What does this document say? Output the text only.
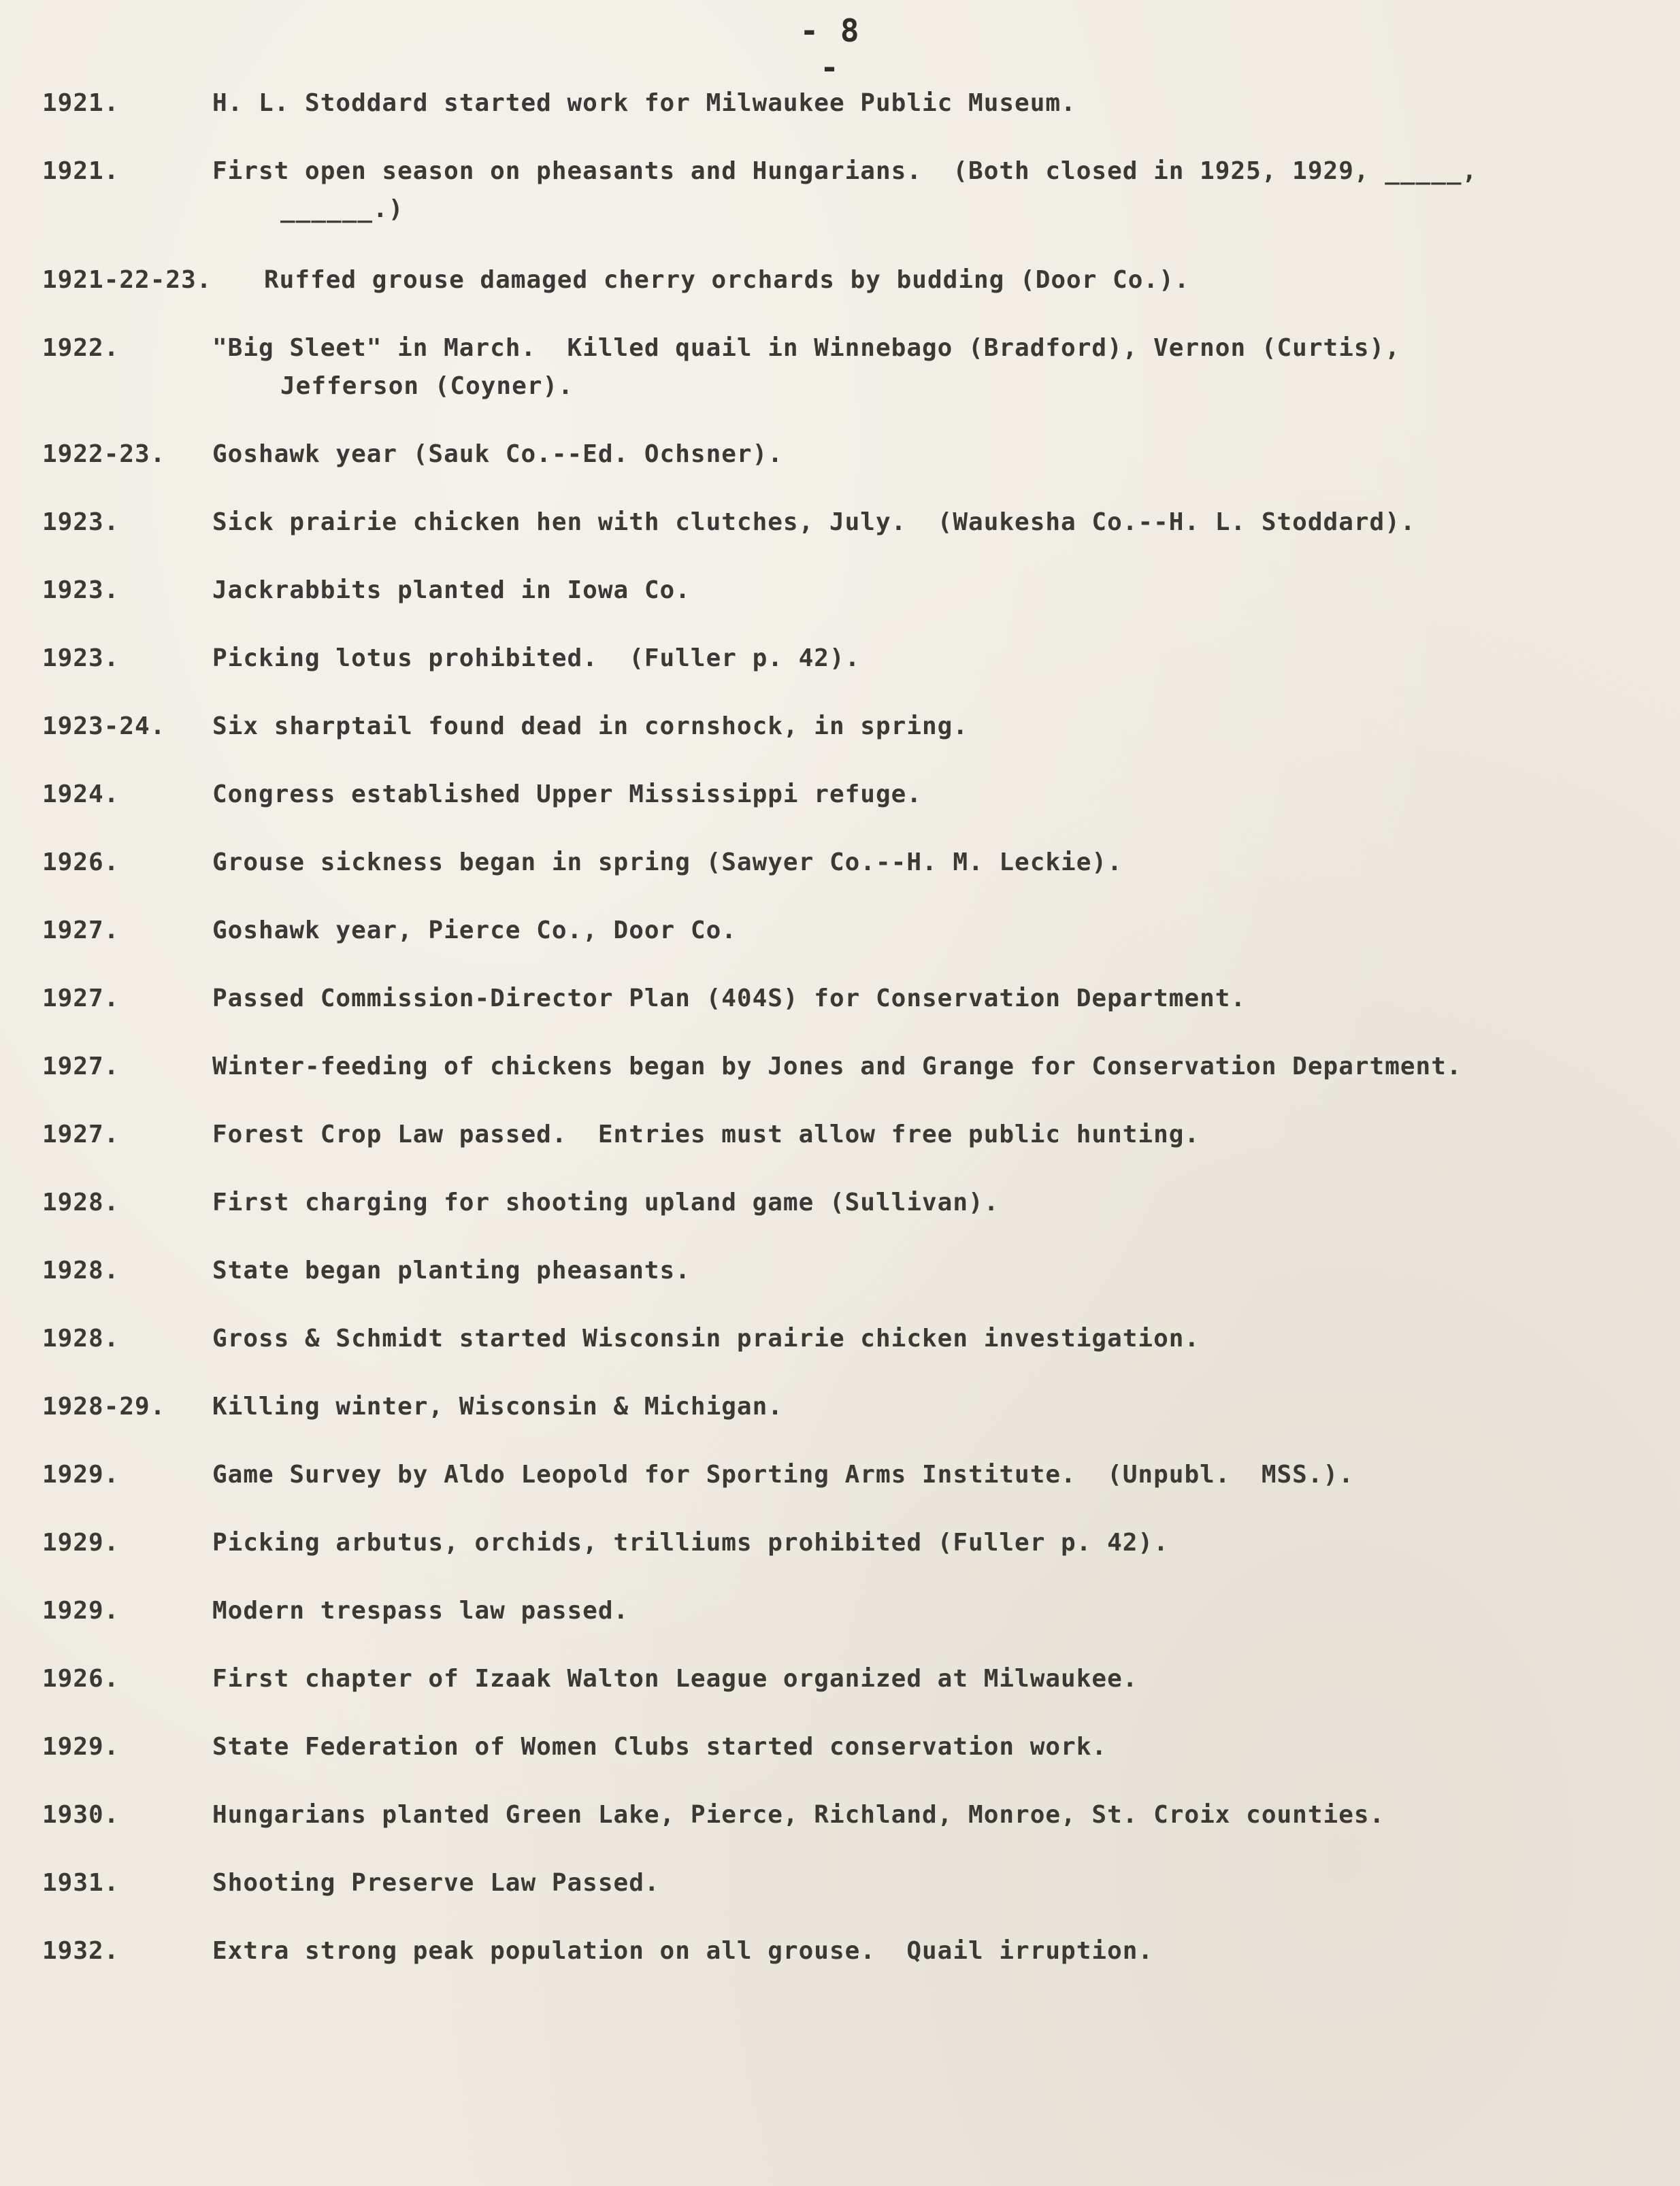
- 8 -
1921.	H. L. Stoddard started work for Milwaukee Public Museum.
1921.	First open season on pheasants and Hungarians.  (Both closed in 1925, 1929, _____,
______.)
1921-22-23. Ruffed grouse damaged cherry orchards by budding (Door Co.).
1922.	"Big Sleet" in March.  Killed quail in Winnebago (Bradford), Vernon (Curtis),
Jefferson (Coyner).
1922-23. Goshawk year (Sauk Co.--Ed. Ochsner).
1923.	Sick prairie chicken hen with clutches, July.  (Waukesha Co.--H. L. Stoddard).
1923.	Jackrabbits planted in Iowa Co.
1923.	Picking lotus prohibited.  (Fuller p. 42).
1923-24. Six sharptail found dead in cornshock, in spring.
1924.	Congress established Upper Mississippi refuge.
1926.	Grouse sickness began in spring (Sawyer Co.--H. M. Leckie).
1927.	Goshawk year, Pierce Co., Door Co.
1927.	Passed Commission-Director Plan (404S) for Conservation Department.
1927.	Winter-feeding of chickens began by Jones and Grange for Conservation Department.
1927.	Forest Crop Law passed.  Entries must allow free public hunting.
1928.	First charging for shooting upland game (Sullivan).
1928.	State began planting pheasants.
1928.	Gross & Schmidt started Wisconsin prairie chicken investigation.
1928-29. Killing winter, Wisconsin & Michigan.
1929.	Game Survey by Aldo Leopold for Sporting Arms Institute.  (Unpubl.  MSS.).
1929.	Picking arbutus, orchids, trilliums prohibited (Fuller p. 42).
1929.	Modern trespass law passed.
1926.	First chapter of Izaak Walton League organized at Milwaukee.
1929.	State Federation of Women Clubs started conservation work.
1930.	Hungarians planted Green Lake, Pierce, Richland, Monroe, St. Croix counties.
1931.	Shooting Preserve Law Passed.
1932.	Extra strong peak population on all grouse.  Quail irruption.
